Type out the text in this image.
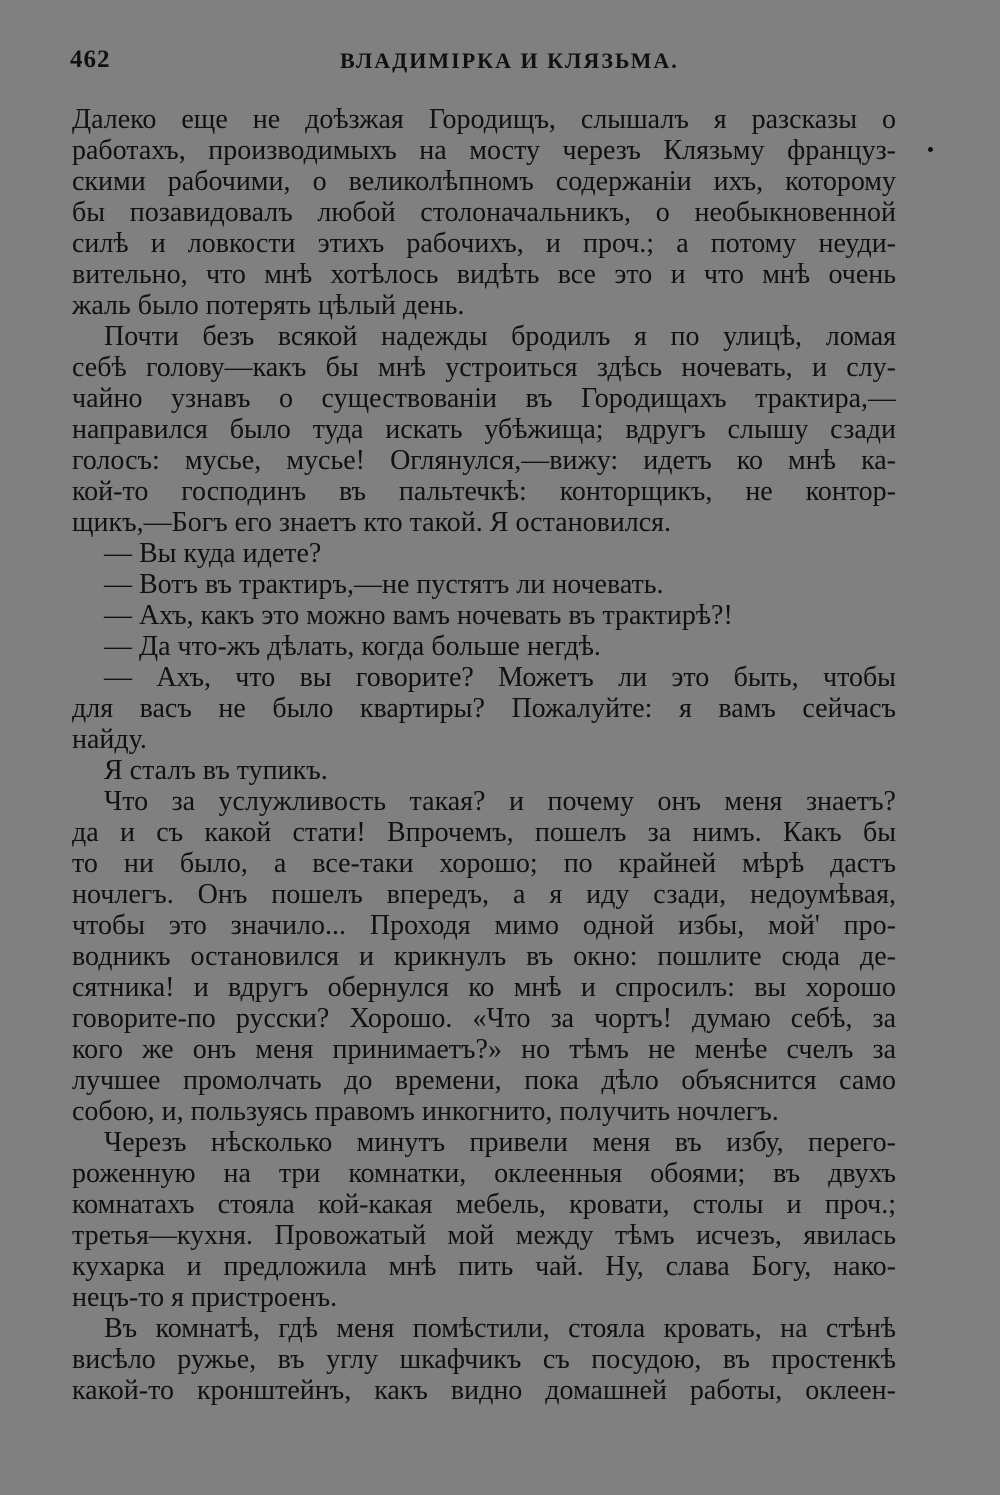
462	ВЛАДИМІРКА И КЛЯЗЬМА.
Далеко еще не доѣзжая Городищъ, слышалъ я разсказы о
работахъ, производимыхъ на мосту черезъ Клязьму француз-
скими рабочими, о великолѣпномъ содержаніи ихъ, которому
бы позавидовалъ любой столоначальникъ, о необыкновенной
силѣ и ловкости этихъ рабочихъ, и проч.; а потому неуди-
вительно, что мнѣ хотѣлось видѣть все это и что мнѣ очень
жаль было потерять цѣлый день.
Почти безъ всякой надежды бродилъ я по улицѣ, ломая
себѣ голову—какъ бы мнѣ устроиться здѣсь ночевать, и слу-
чайно узнавъ о существованіи въ Городищахъ трактира,—
направился было туда искать убѣжища; вдругъ слышу сзади
голосъ: мусье, мусье! Оглянулся,—вижу: идетъ ко мнѣ ка-
кой-то господинъ въ пальтечкѣ: конторщикъ, не контор-
щикъ,—Богъ его знаетъ кто такой. Я остановился.
— Вы куда идете?
— Вотъ въ трактиръ,—не пустятъ ли ночевать.
— Ахъ, какъ это можно вамъ ночевать въ трактирѣ?!
— Да что-жъ дѣлать, когда больше негдѣ.
— Ахъ, что вы говорите? Можетъ ли это быть, чтобы
для васъ не было квартиры? Пожалуйте: я вамъ сейчасъ
найду.
Я сталъ въ тупикъ.
Что за услужливость такая? и почему онъ меня знаетъ?
да и съ какой стати! Впрочемъ, пошелъ за нимъ. Какъ бы
то ни было, а все-таки хорошо; по крайней мѣрѣ дастъ
ночлегъ. Онъ пошелъ впередъ, а я иду сзади, недоумѣвая,
чтобы это значило... Проходя мимо одной избы, мой' про-
водникъ остановился и крикнулъ въ окно: пошлите сюда де-
сятника! и вдругъ обернулся ко мнѣ и спросилъ: вы хорошо
говорите-по русски? Хорошо. «Что за чортъ! думаю себѣ, за
кого же онъ меня принимаетъ?» но тѣмъ не менѣе счелъ за
лучшее промолчать до времени, пока дѣло объяснится само
собою, и, пользуясь правомъ инкогнито, получить ночлегъ.
Черезъ нѣсколько минутъ привели меня въ избу, перего-
роженную на три комнатки, оклеенныя обоями; въ двухъ
комнатахъ стояла кой-какая мебель, кровати, столы и проч.;
третья—кухня. Провожатый мой между тѣмъ исчезъ, явилась
кухарка и предложила мнѣ пить чай. Ну, слава Богу, нако-
нецъ-то я пристроенъ.
Въ комнатѣ, гдѣ меня помѣстили, стояла кровать, на стѣнѣ
висѣло ружье, въ углу шкафчикъ съ посудою, въ простенкѣ
какой-то кронштейнъ, какъ видно домашней работы, оклеен-
